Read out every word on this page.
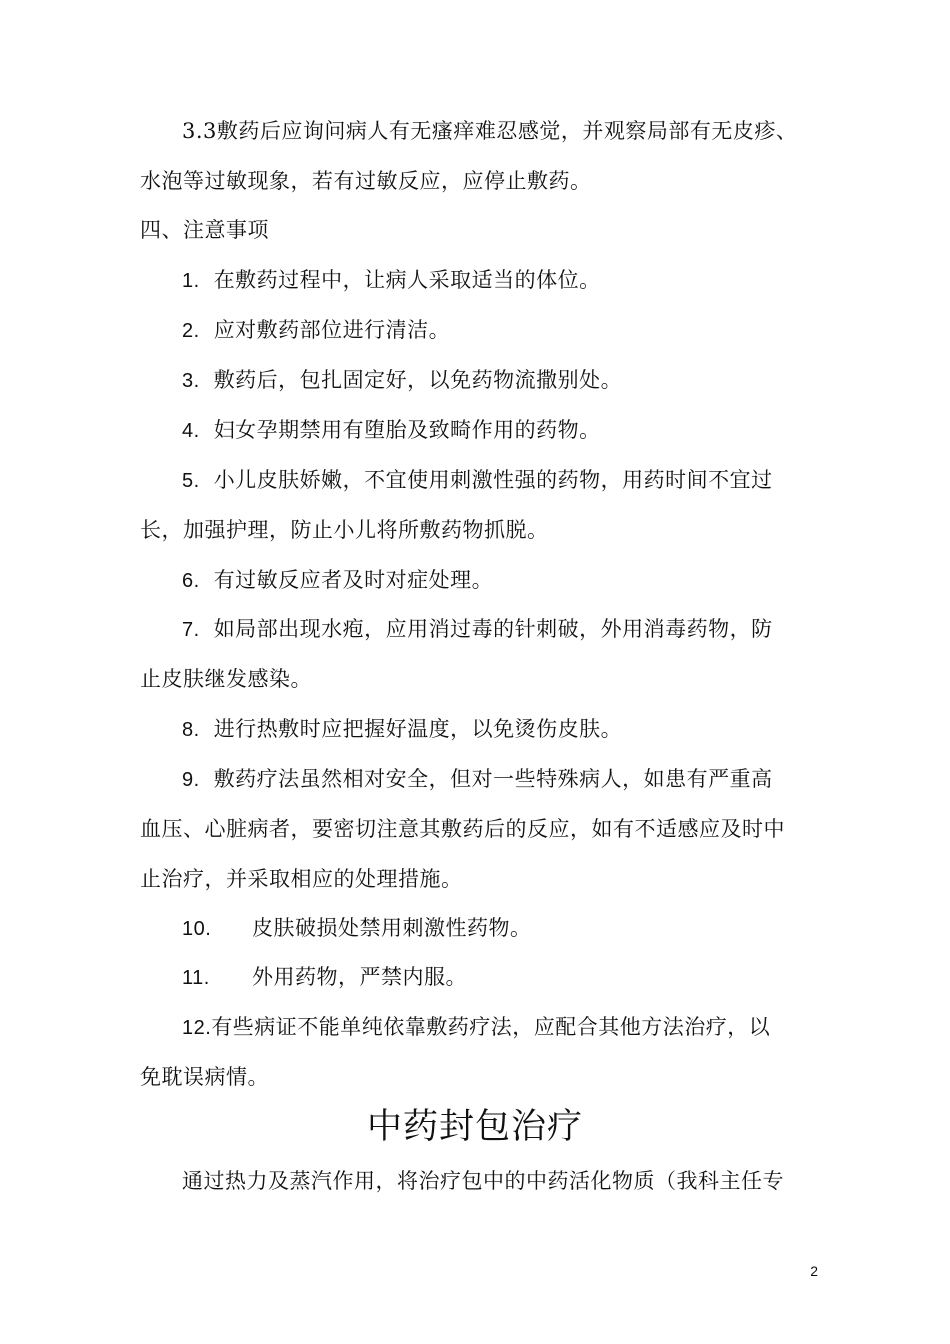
3.3敷药后应询问病人有无瘙痒难忍感觉，并观察局部有无皮疹、
水泡等过敏现象，若有过敏反应，应停止敷药。
四、注意事项
1. 在敷药过程中，让病人采取适当的体位。
2. 应对敷药部位进行清洁。
3. 敷药后，包扎固定好，以免药物流撒别处。
4. 妇女孕期禁用有堕胎及致畸作用的药物。
5. 小儿皮肤娇嫩，不宜使用刺激性强的药物，用药时间不宜过
长，加强护理，防止小儿将所敷药物抓脱。
6. 有过敏反应者及时对症处理。
7. 如局部出现水疱，应用消过毒的针刺破，外用消毒药物，防
止皮肤继发感染。
8. 进行热敷时应把握好温度，以免烫伤皮肤。
9. 敷药疗法虽然相对安全，但对一些特殊病人，如患有严重高
血压、心脏病者，要密切注意其敷药后的反应，如有不适感应及时中
止治疗，并采取相应的处理措施。
10. 皮肤破损处禁用刺激性药物。
11. 外用药物，严禁内服。
12.有些病证不能单纯依靠敷药疗法，应配合其他方法治疗，以
免耽误病情。
中药封包治疗
通过热力及蒸汽作用，将治疗包中的中药活化物质（我科主任专
2
